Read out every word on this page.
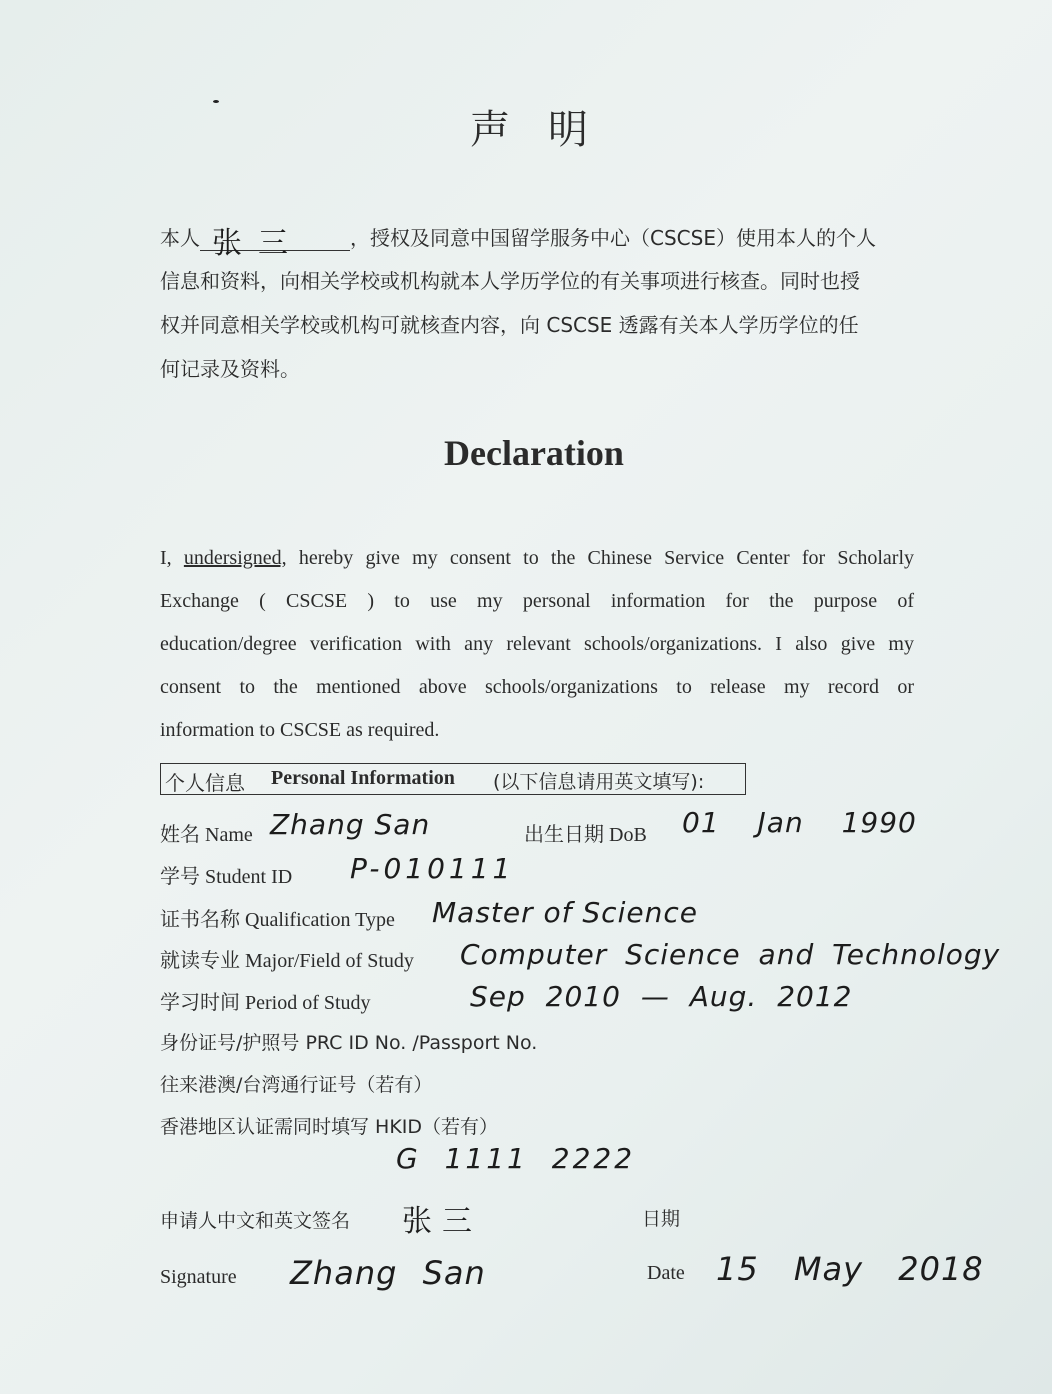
声明
本人 张三 ，授权及同意中国留学服务中心（CSCSE）使用本人的个人
信息和资料，向相关学校或机构就本人学历学位的有关事项进行核查。同时也授
权并同意相关学校或机构可就核查内容，向 CSCSE 透露有关本人学历学位的任
何记录及资料。
Declaration
I, undersigned, hereby give my consent to the Chinese Service Center for Scholarly
Exchange ( CSCSE ) to use my personal information for the purpose of
education/degree verification with any relevant schools/organizations. I also give my
consent to the mentioned above schools/organizations to release my record or
information to CSCSE as required.
个人信息 Personal Information (以下信息请用英文填写):
姓名 Name Zhang San	出生日期 DoB 01 Jan 1990
学号 Student ID P-010111
证书名称 Qualification Type Master of Science
就读专业 Major/Field of Study Computer Science and Technology
学习时间 Period of Study	Sep 2010 — Aug. 2012
身份证号/护照号 PRC ID No. /Passport No.
往来港澳/台湾通行证号（若有）
香港地区认证需同时填写 HKID（若有）
G 1111 2222
申请人中文和英文签名 张三	日期
Signature Zhang San	Date 15 May 2018
